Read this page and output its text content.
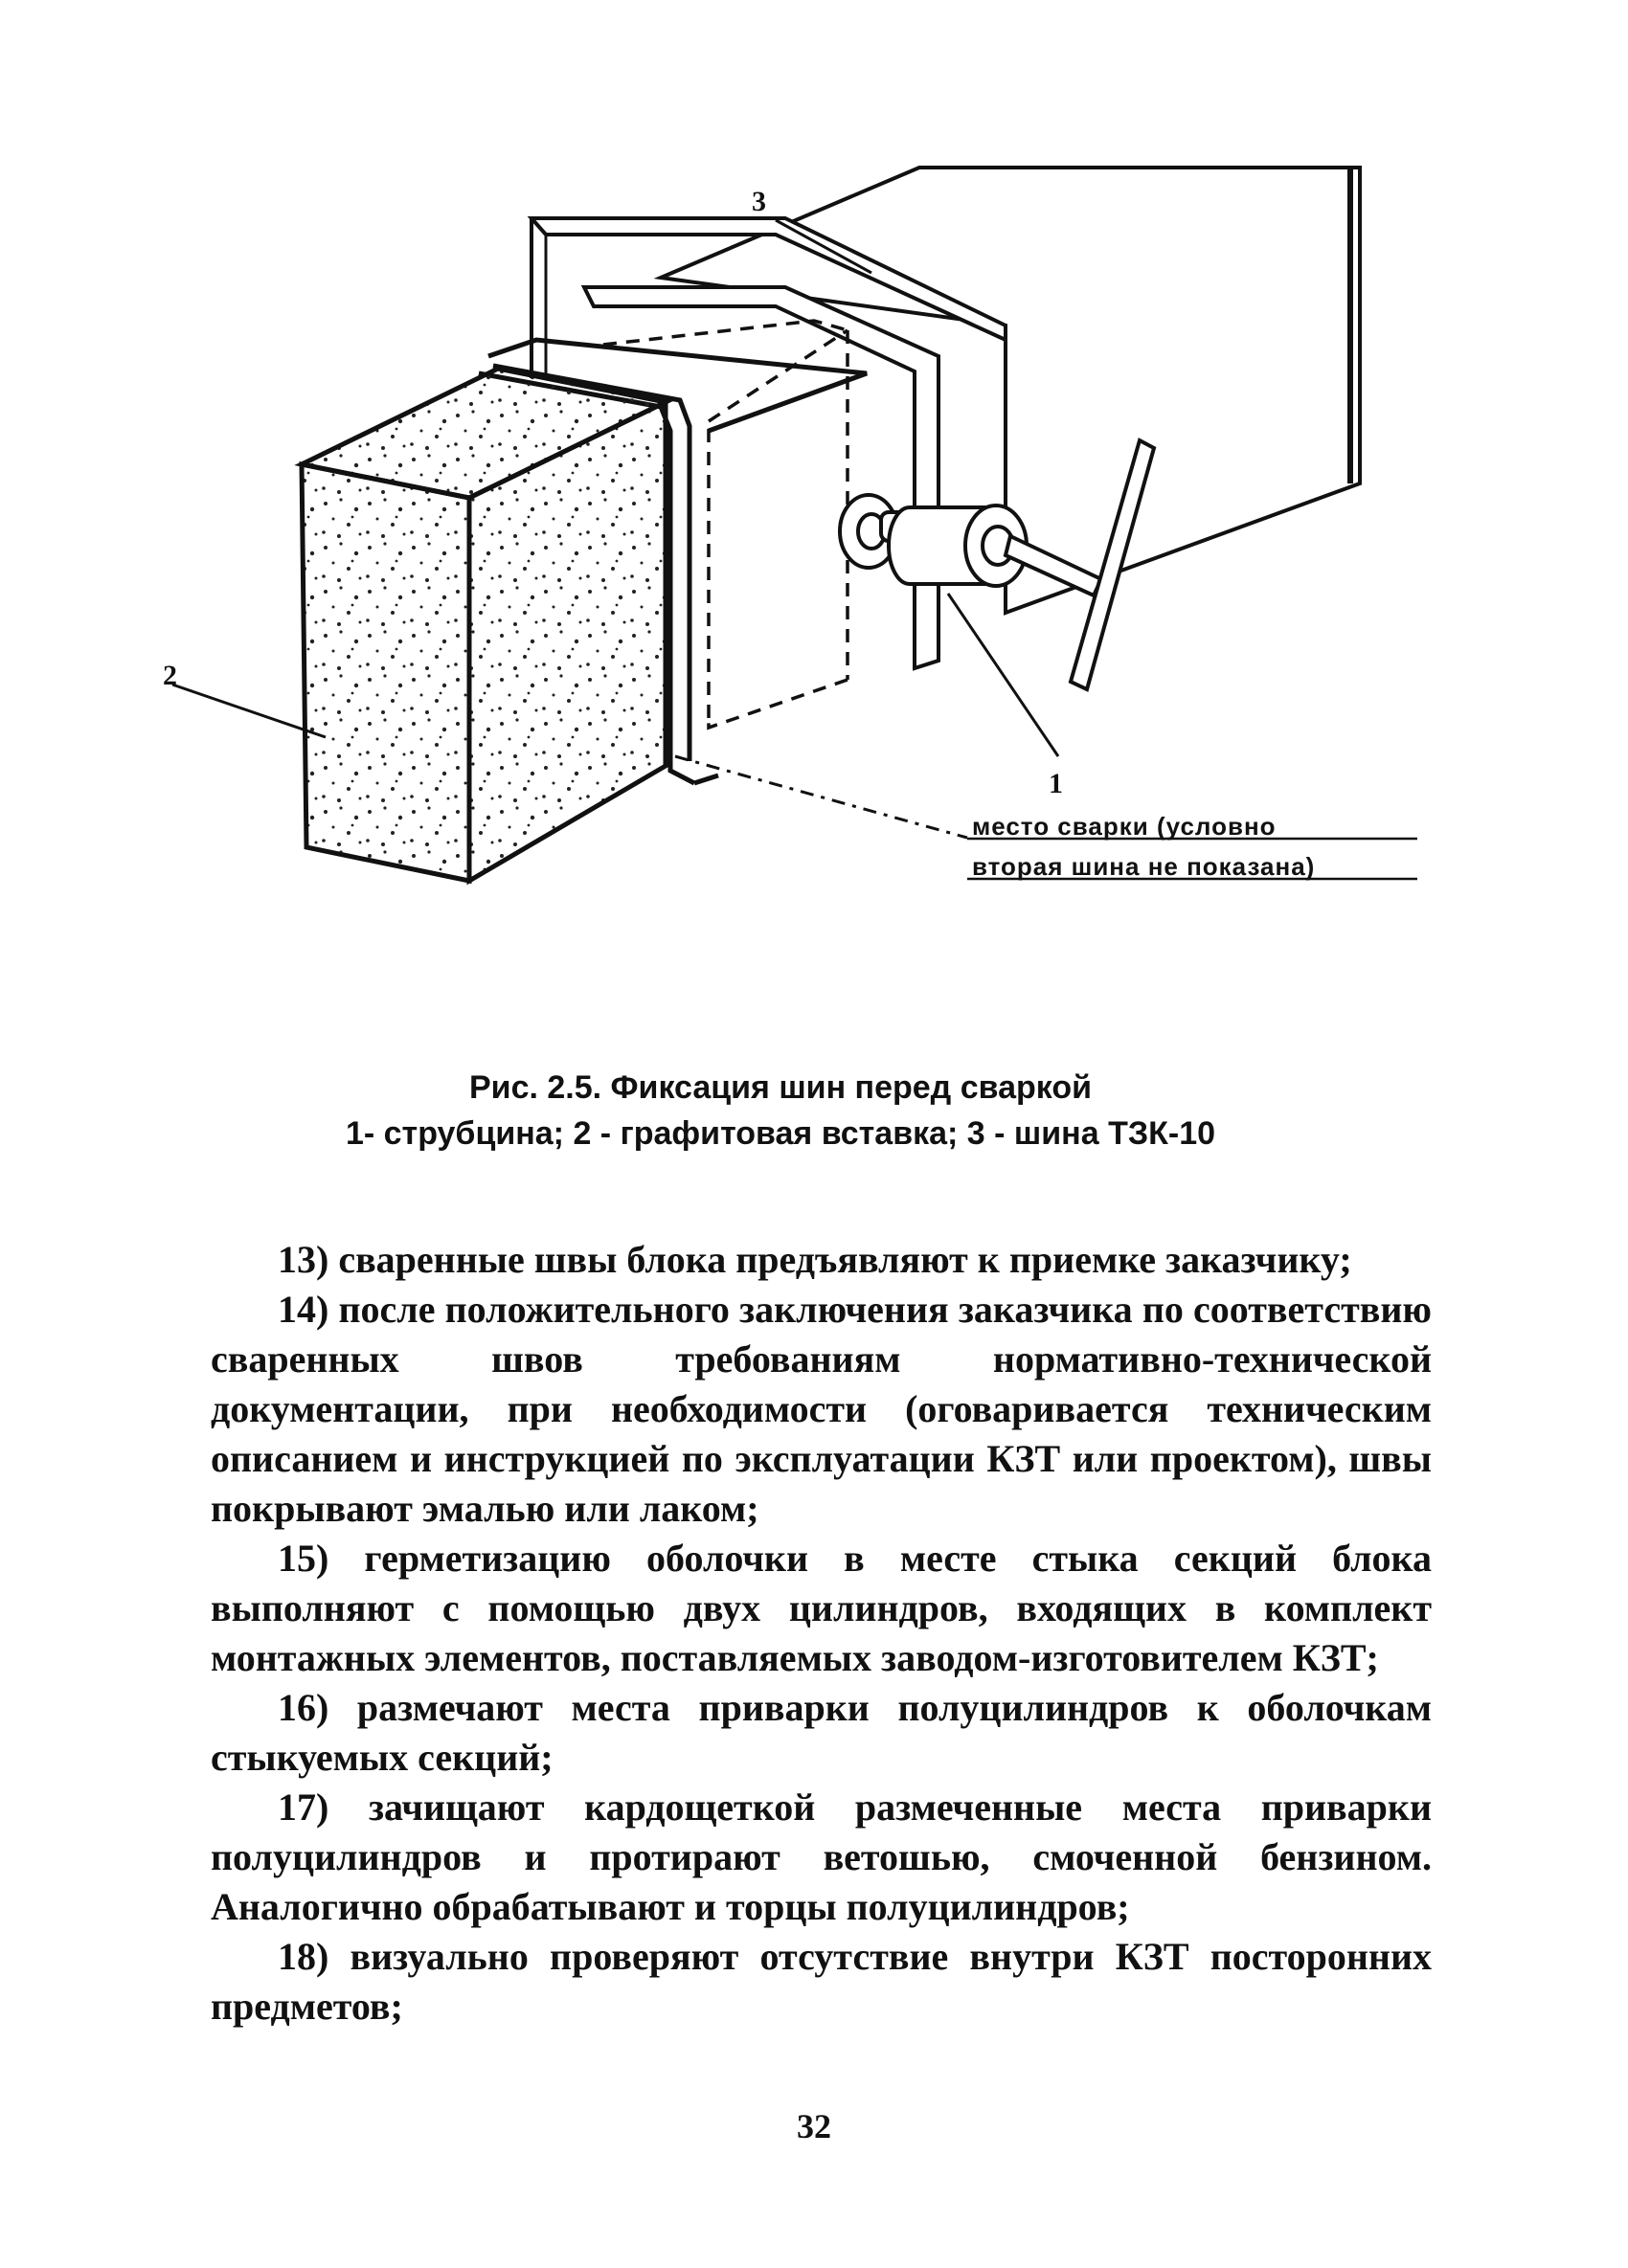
3
2
1
место сварки (условно
вторая шина не показана)
Рис. 2.5. Фиксация шин перед сваркой
1- струбцина; 2 - графитовая вставка; 3 - шина ТЗК-10

13) сваренные швы блока предъявляют к приемке заказчику;

14) после положительного заключения заказчика по соответствию сваренных швов требованиям нормативно-технической документации, при необходимости (оговаривается техническим описанием и инструкцией по эксплуатации КЗТ или проектом), швы покрывают эмалью или лаком;

15) герметизацию оболочки в месте стыка секций блока выполняют с помощью двух цилиндров, входящих в комплект монтажных элементов, поставляемых заводом-изготовителем КЗТ;

16) размечают места приварки полуцилиндров к оболочкам стыкуемых секций;

17) зачищают кардощеткой размеченные места приварки полуцилиндров и протирают ветошью, смоченной бензином. Аналогично обрабатывают и торцы полуцилиндров;

18) визуально проверяют отсутствие внутри КЗТ посторонних предметов;

32
